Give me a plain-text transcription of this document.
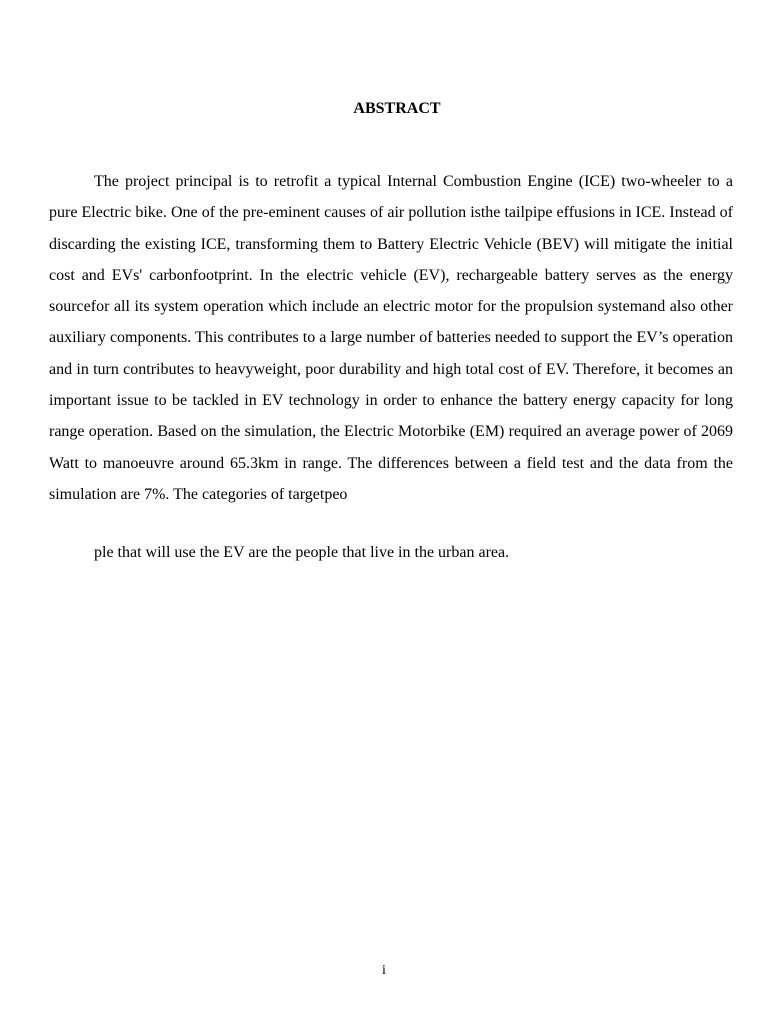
ABSTRACT

The project principal is to retrofit a typical Internal Combustion Engine (ICE) two-wheeler to a pure Electric bike. One of the pre-eminent causes of air pollution isthe tailpipe effusions in ICE. Instead of discarding the existing ICE, transforming them to Battery Electric Vehicle (BEV) will mitigate the initial cost and EVs' carbonfootprint. In the electric vehicle (EV), rechargeable battery serves as the energy sourcefor all its system operation which include an electric motor for the propulsion systemand also other auxiliary components. This contributes to a large number of batteries needed to support the EV’s operation and in turn contributes to heavyweight, poor durability and high total cost of EV. Therefore, it becomes an important issue to be tackled in EV technology in order to enhance the battery energy capacity for long range operation. Based on the simulation, the Electric Motorbike (EM) required an average power of 2069 Watt to manoeuvre around 65.3km in range. The differences between a field test and the data from the simulation are 7%. The categories of targetpeo

ple that will use the EV are the people that live in the urban area.

i
